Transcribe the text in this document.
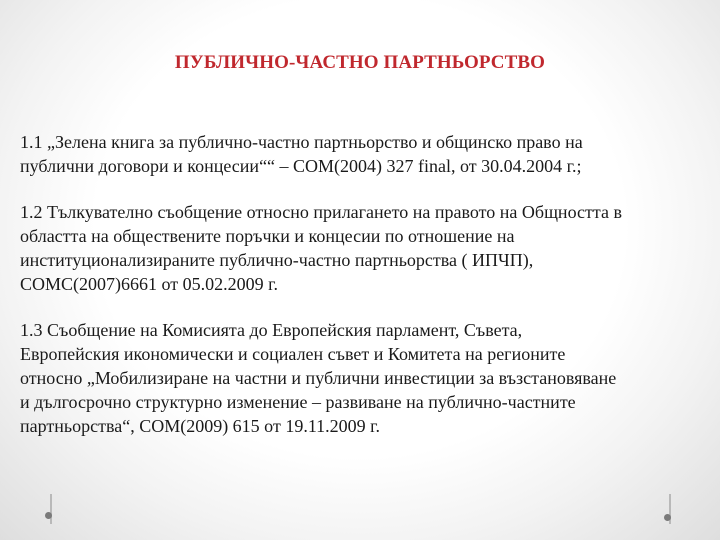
ПУБЛИЧНО-ЧАСТНО ПАРТНЬОРСТВО

1.1 „Зелена книга за публично-частно партньорство и общинско право на
публични договори и концесии““ – COM(2004) 327 final, от 30.04.2004 г.;

1.2 Тълкувателно съобщение относно прилагането на правото на Общността в
областта на обществените поръчки и концесии по отношение на
институционализираните публично-частно партньорства ( ИПЧП),
COMC(2007)6661 от 05.02.2009 г.

1.3 Съобщение на Комисията до Европейския парламент, Съвета,
Европейския икономически и социален съвет и Комитета на регионите
относно „Мобилизиране на частни и публични инвестиции за възстановяване
и дългосрочно структурно изменение – развиване на публично-частните
партньорства“, COM(2009) 615 от 19.11.2009 г.
